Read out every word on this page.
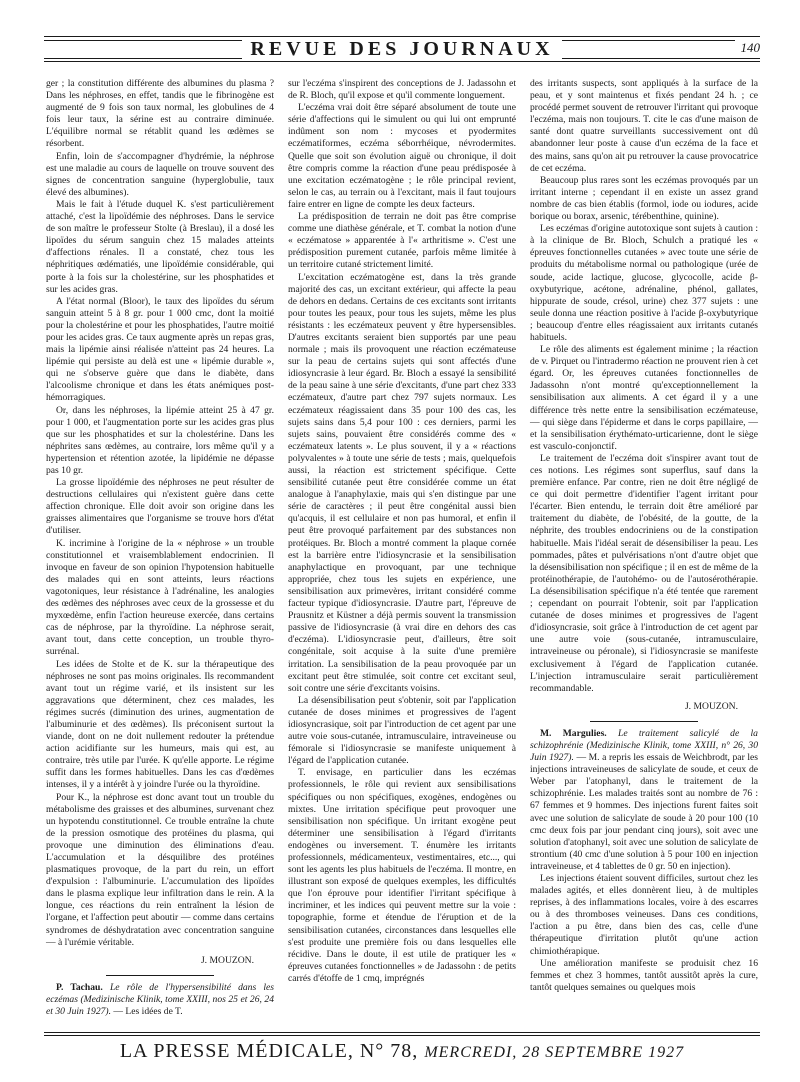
REVUE DES JOURNAUX	140

ger ; la constitution différente des albumines du plasma ? Dans les néphroses, en effet, tandis que le fibrinogène est augmenté de 9 fois son taux normal, les globulines de 4 fois leur taux, la sérine est au contraire diminuée. L'équilibre normal se rétablit quand les œdèmes se résorbent.

Enfin, loin de s'accompagner d'hydrémie, la néphrose est une maladie au cours de laquelle on trouve souvent des signes de concentration sanguine (hyperglobulie, taux élevé des albumines).

Mais le fait à l'étude duquel K. s'est particulièrement attaché, c'est la lipoïdémie des néphroses. Dans le service de son maître le professeur Stolte (à Breslau), il a dosé les lipoïdes du sérum sanguin chez 15 malades atteints d'affections rénales. Il a constaté, chez tous les néphritiques œdématiés, une lipoïdémie considérable, qui porte à la fois sur la cholestérine, sur les phosphatides et sur les acides gras.

A l'état normal (Bloor), le taux des lipoïdes du sérum sanguin atteint 5 à 8 gr. pour 1 000 cmc, dont la moitié pour la cholestérine et pour les phosphatides, l'autre moitié pour les acides gras. Ce taux augmente après un repas gras, mais la lipémie ainsi réalisée n'atteint pas 24 heures. La lipémie qui persiste au delà est une « lipémie durable », qui ne s'observe guère que dans le diabète, dans l'alcoolisme chronique et dans les états anémiques post-hémorragiques.

Or, dans les néphroses, la lipémie atteint 25 à 47 gr. pour 1 000, et l'augmentation porte sur les acides gras plus que sur les phosphatides et sur la cholestérine. Dans les néphrites sans œdèmes, au contraire, lors même qu'il y a hypertension et rétention azotée, la lipidémie ne dépasse pas 10 gr.

La grosse lipoïdémie des néphroses ne peut résulter de destructions cellulaires qui n'existent guère dans cette affection chronique. Elle doit avoir son origine dans les graisses alimentaires que l'organisme se trouve hors d'état d'utiliser.

K. incrimine à l'origine de la « néphrose » un trouble constitutionnel et vraisemblablement endocrinien. Il invoque en faveur de son opinion l'hypotension habituelle des malades qui en sont atteints, leurs réactions vagotoniques, leur résistance à l'adrénaline, les analogies des œdèmes des néphroses avec ceux de la grossesse et du myxœdème, enfin l'action heureuse exercée, dans certains cas de néphrose, par la thyroïdine. La néphrose serait, avant tout, dans cette conception, un trouble thyro-surrénal.

Les idées de Stolte et de K. sur la thérapeutique des néphroses ne sont pas moins originales. Ils recommandent avant tout un régime varié, et ils insistent sur les aggravations que déterminent, chez ces malades, les régimes sucrés (diminution des urines, augmentation de l'albuminurie et des œdèmes). Ils préconisent surtout la viande, dont on ne doit nullement redouter la prétendue action acidifiante sur les humeurs, mais qui est, au contraire, très utile par l'urée. K qu'elle apporte. Le régime suffit dans les formes habituelles. Dans les cas d'œdèmes intenses, il y a intérêt à y joindre l'urée ou la thyroïdine.

Pour K., la néphrose est donc avant tout un trouble du métabolisme des graisses et des albumines, survenant chez un hypotendu constitutionnel. Ce trouble entraîne la chute de la pression osmotique des protéines du plasma, qui provoque une diminution des éliminations d'eau. L'accumulation et la désquilibre des protéines plasmatiques provoque, de la part du rein, un effort d'expulsion : l'albuminurie. L'accumulation des lipoïdes dans le plasma explique leur infiltration dans le rein. A la longue, ces réactions du rein entraînent la lésion de l'organe, et l'affection peut aboutir — comme dans certains syndromes de déshydratation avec concentration sanguine — à l'urémie véritable.

J. MOUZON.

P. Tachau. Le rôle de l'hypersensibilité dans les eczémas (Medizinische Klinik, tome XXIII, nos 25 et 26, 24 et 30 Juin 1927). — Les idées de T.

sur l'eczéma s'inspirent des conceptions de J. Jadassohn et de R. Bloch, qu'il expose et qu'il commente longuement.

L'eczéma vrai doit être séparé absolument de toute une série d'affections qui le simulent ou qui lui ont emprunté indûment son nom : mycoses et pyodermites eczématiformes, eczéma séborrhéique, névrodermites. Quelle que soit son évolution aiguë ou chronique, il doit être compris comme la réaction d'une peau prédisposée à une excitation eczématogène ; le rôle principal revient, selon le cas, au terrain ou à l'excitant, mais il faut toujours faire entrer en ligne de compte les deux facteurs.

La prédisposition de terrain ne doit pas être comprise comme une diathèse générale, et T. combat la notion d'une « eczématose » apparentée à l'« arthritisme ». C'est une prédisposition purement cutanée, parfois même limitée à un territoire cutané strictement limité.

L'excitation eczématogène est, dans la très grande majorité des cas, un excitant extérieur, qui affecte la peau de dehors en dedans. Certains de ces excitants sont irritants pour toutes les peaux, pour tous les sujets, même les plus résistants : les eczémateux peuvent y être hypersensibles. D'autres excitants seraient bien supportés par une peau normale ; mais ils provoquent une réaction eczémateuse sur la peau de certains sujets qui sont affectés d'une idiosyncrasie à leur égard. Br. Bloch a essayé la sensibilité de la peau saine à une série d'excitants, d'une part chez 333 eczémateux, d'autre part chez 797 sujets normaux. Les eczémateux réagissaient dans 35 pour 100 des cas, les sujets sains dans 5,4 pour 100 : ces derniers, parmi les sujets sains, pouvaient être considérés comme des « eczémateux latents ». Le plus souvent, il y a « réactions polyvalentes » à toute une série de tests ; mais, quelquefois aussi, la réaction est strictement spécifique. Cette sensibilité cutanée peut être considérée comme un état analogue à l'anaphylaxie, mais qui s'en distingue par une série de caractères ; il peut être congénital aussi bien qu'acquis, il est cellulaire et non pas humoral, et enfin il peut être provoqué parfaitement par des substances non protéiques. Br. Bloch a montré comment la plaque cornée est la barrière entre l'idiosyncrasie et la sensibilisation anaphylactique en provoquant, par une technique appropriée, chez tous les sujets en expérience, une sensibilisation aux primevères, irritant considéré comme facteur typique d'idiosyncrasie. D'autre part, l'épreuve de Prausnitz et Küstner a déjà permis souvent la transmission passive de l'idiosyncrasie (à vrai dire en dehors des cas d'eczéma). L'idiosyncrasie peut, d'ailleurs, être soit congénitale, soit acquise à la suite d'une première irritation. La sensibilisation de la peau provoquée par un excitant peut être stimulée, soit contre cet excitant seul, soit contre une série d'excitants voisins.

La désensibilisation peut s'obtenir, soit par l'application cutanée de doses minimes et progressives de l'agent idiosyncrasique, soit par l'introduction de cet agent par une autre voie sous-cutanée, intramusculaire, intraveineuse ou fémorale si l'idiosyncrasie se manifeste uniquement à l'égard de l'application cutanée.

T. envisage, en particulier dans les eczémas professionnels, le rôle qui revient aux sensibilisations spécifiques ou non spécifiques, exogènes, endogènes ou mixtes. Une irritation spécifique peut provoquer une sensibilisation non spécifique. Un irritant exogène peut déterminer une sensibilisation à l'égard d'irritants endogènes ou inversement. T. énumère les irritants professionnels, médicamenteux, vestimentaires, etc..., qui sont les agents les plus habituels de l'eczéma. Il montre, en illustrant son exposé de quelques exemples, les difficultés que l'on éprouve pour identifier l'irritant spécifique à incriminer, et les indices qui peuvent mettre sur la voie : topographie, forme et étendue de l'éruption et de la sensibilisation cutanées, circonstances dans lesquelles elle s'est produite une première fois ou dans lesquelles elle récidive. Dans le doute, il est utile de pratiquer les « épreuves cutanées fonctionnelles » de Jadassohn : de petits carrés d'étoffe de 1 cmq, imprégnés

des irritants suspects, sont appliqués à la surface de la peau, et y sont maintenus et fixés pendant 24 h. ; ce procédé permet souvent de retrouver l'irritant qui provoque l'eczéma, mais non toujours. T. cite le cas d'une maison de santé dont quatre surveillants successivement ont dû abandonner leur poste à cause d'un eczéma de la face et des mains, sans qu'on ait pu retrouver la cause provocatrice de cet eczéma.

Beaucoup plus rares sont les eczémas provoqués par un irritant interne ; cependant il en existe un assez grand nombre de cas bien établis (formol, iode ou iodures, acide borique ou borax, arsenic, térébenthine, quinine).

Les eczémas d'origine autotoxique sont sujets à caution : à la clinique de Br. Bloch, Schulch a pratiqué les « épreuves fonctionnelles cutanées » avec toute une série de produits du métabolisme normal ou pathologique (urée de soude, acide lactique, glucose, glycocolle, acide β-oxybutyrique, acétone, adrénaline, phénol, gallates, hippurate de soude, crésol, urine) chez 377 sujets : une seule donna une réaction positive à l'acide β-oxybutyrique ; beaucoup d'entre elles réagissaient aux irritants cutanés habituels.

Le rôle des aliments est également minime ; la réaction de v. Pirquet ou l'intradermo réaction ne prouvent rien à cet égard. Or, les épreuves cutanées fonctionnelles de Jadassohn n'ont montré qu'exceptionnellement la sensibilisation aux aliments. A cet égard il y a une différence très nette entre la sensibilisation eczémateuse, — qui siège dans l'épiderme et dans le corps papillaire, — et la sensibilisation érythémato-urticarienne, dont le siège est vasculo-conjonctif.

Le traitement de l'eczéma doit s'inspirer avant tout de ces notions. Les régimes sont superflus, sauf dans la première enfance. Par contre, rien ne doit être négligé de ce qui doit permettre d'identifier l'agent irritant pour l'écarter. Bien entendu, le terrain doit être amélioré par traitement du diabète, de l'obésité, de la goutte, de la néphrite, des troubles endocriniens ou de la constipation habituelle. Mais l'idéal serait de désensibiliser la peau. Les pommades, pâtes et pulvérisations n'ont d'autre objet que la désensibilisation non spécifique ; il en est de même de la protéinothérapie, de l'autohémo- ou de l'autosérothérapie. La désensibilisation spécifique n'a été tentée que rarement ; cependant on pourrait l'obtenir, soit par l'application cutanée de doses minimes et progressives de l'agent d'idiosyncrasie, soit grâce à l'introduction de cet agent par une autre voie (sous-cutanée, intramusculaire, intraveineuse ou péronale), si l'idiosyncrasie se manifeste exclusivement à l'égard de l'application cutanée. L'injection intramusculaire serait particulièrement recommandable.

J. MOUZON.

M. Margulies. Le traitement salicylé de la schizophrénie (Medizinische Klinik, tome XXIII, n° 26, 30 Juin 1927). — M. a repris les essais de Weichbrodt, par les injections intraveineuses de salicylate de soude, et ceux de Weber par l'atophanyl, dans le traitement de la schizophrénie. Les malades traités sont au nombre de 76 : 67 femmes et 9 hommes. Des injections furent faites soit avec une solution de salicylate de soude à 20 pour 100 (10 cmc deux fois par jour pendant cinq jours), soit avec une solution d'atophanyl, soit avec une solution de salicylate de strontium (40 cmc d'une solution à 5 pour 100 en injection intraveineuse, et 4 tablettes de 0 gr. 50 en injection).

Les injections étaient souvent difficiles, surtout chez les malades agités, et elles donnèrent lieu, à de multiples reprises, à des inflammations locales, voire à des escarres ou à des thromboses veineuses. Dans ces conditions, l'action a pu être, dans bien des cas, celle d'une thérapeutique d'irritation plutôt qu'une action chimiothérapique.

Une amélioration manifeste se produisit chez 16 femmes et chez 3 hommes, tantôt aussitôt après la cure, tantôt quelques semaines ou quelques mois

LA PRESSE MÉDICALE, N° 78, MERCREDI, 28 SEPTEMBRE 1927
